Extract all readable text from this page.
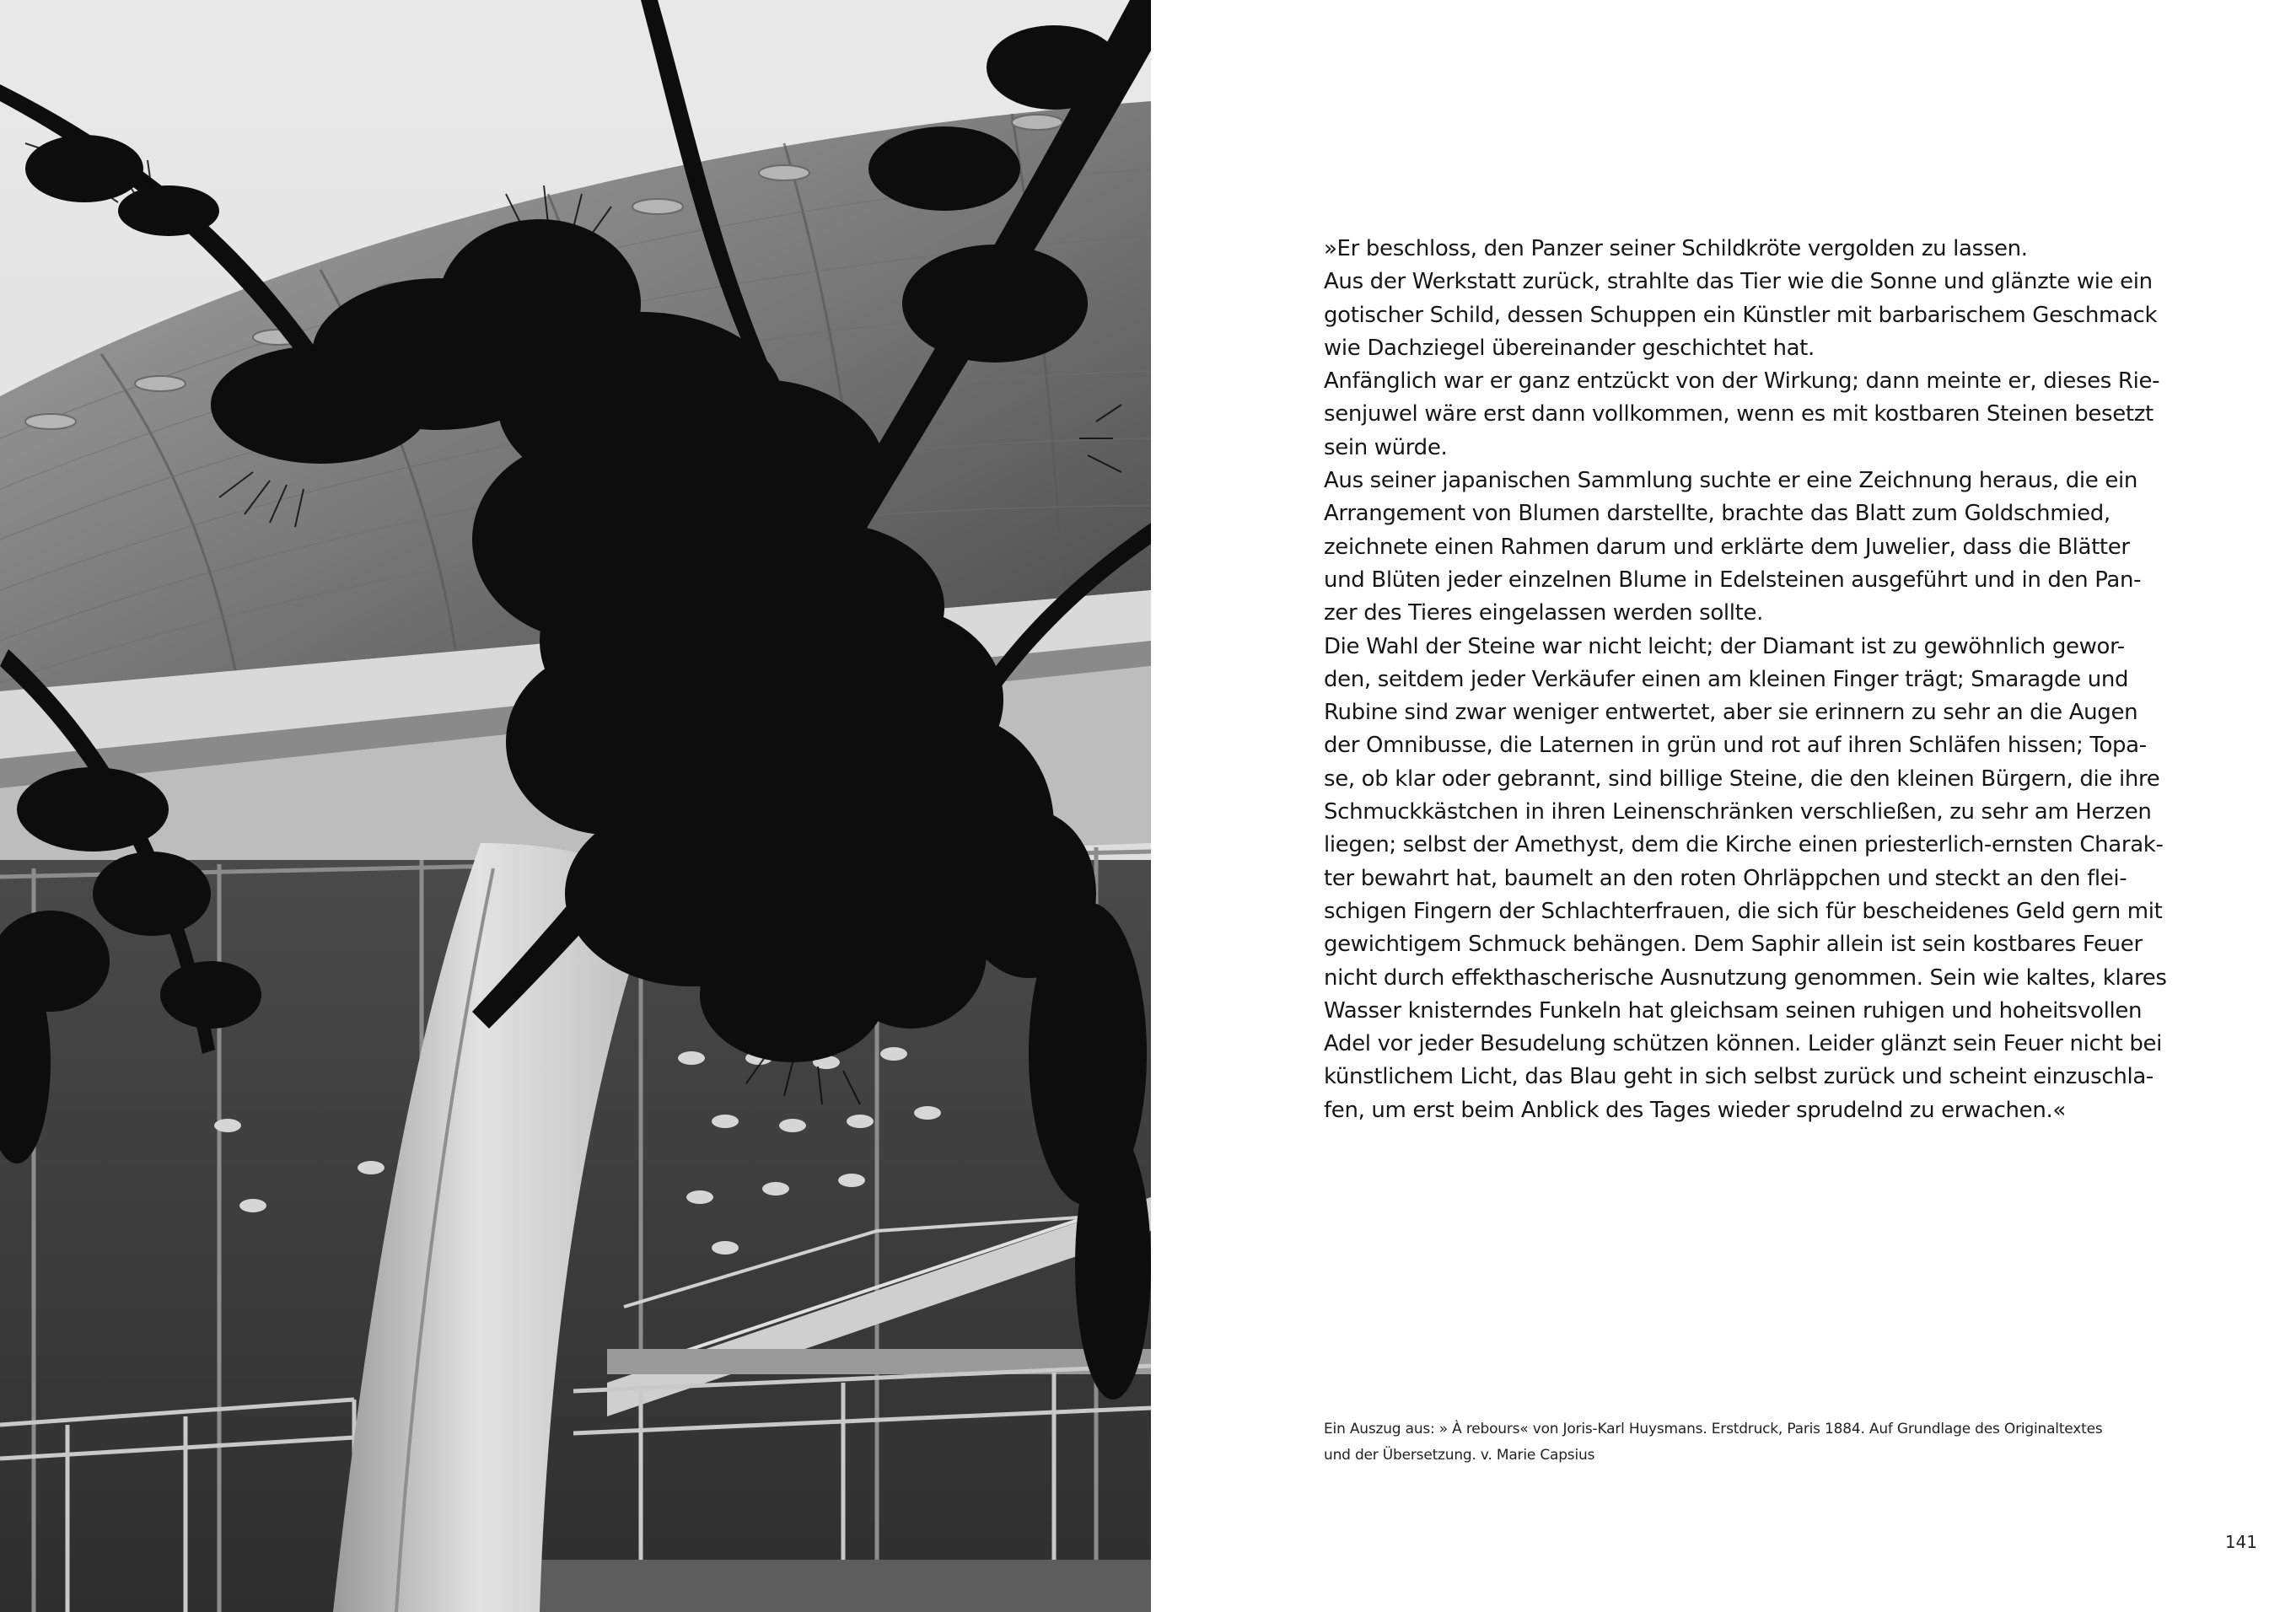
»Er beschloss, den Panzer seiner Schildkröte vergolden zu lassen.
Aus der Werkstatt zurück, strahlte das Tier wie die Sonne und glänzte wie ein
gotischer Schild, dessen Schuppen ein Künstler mit barbarischem Geschmack
wie Dachziegel übereinander geschichtet hat.
Anfänglich war er ganz entzückt von der Wirkung; dann meinte er, dieses Rie-
senjuwel wäre erst dann vollkommen, wenn es mit kostbaren Steinen besetzt
sein würde.
Aus seiner japanischen Sammlung suchte er eine Zeichnung heraus, die ein
Arrangement von Blumen darstellte, brachte das Blatt zum Goldschmied,
zeichnete einen Rahmen darum und erklärte dem Juwelier, dass die Blätter
und Blüten jeder einzelnen Blume in Edelsteinen ausgeführt und in den Pan-
zer des Tieres eingelassen werden sollte.
Die Wahl der Steine war nicht leicht; der Diamant ist zu gewöhnlich gewor-
den, seitdem jeder Verkäufer einen am kleinen Finger trägt; Smaragde und
Rubine sind zwar weniger entwertet, aber sie erinnern zu sehr an die Augen
der Omnibusse, die Laternen in grün und rot auf ihren Schläfen hissen; Topa-
se, ob klar oder gebrannt, sind billige Steine, die den kleinen Bürgern, die ihre
Schmuckkästchen in ihren Leinenschränken verschließen, zu sehr am Herzen
liegen; selbst der Amethyst, dem die Kirche einen priesterlich-ernsten Charak-
ter bewahrt hat, baumelt an den roten Ohrläppchen und steckt an den flei-
schigen Fingern der Schlachterfrauen, die sich für bescheidenes Geld gern mit
gewichtigem Schmuck behängen. Dem Saphir allein ist sein kostbares Feuer
nicht durch effekthascherische Ausnutzung genommen. Sein wie kaltes, klares
Wasser knisterndes Funkeln hat gleichsam seinen ruhigen und hoheitsvollen
Adel vor jeder Besudelung schützen können. Leider glänzt sein Feuer nicht bei
künstlichem Licht, das Blau geht in sich selbst zurück und scheint einzuschla-
fen, um erst beim Anblick des Tages wieder sprudelnd zu erwachen.«
Ein Auszug aus: » À rebours« von Joris-Karl Huysmans. Erstdruck, Paris 1884. Auf Grundlage des Originaltextes
und der Übersetzung. v. Marie Capsius
141
